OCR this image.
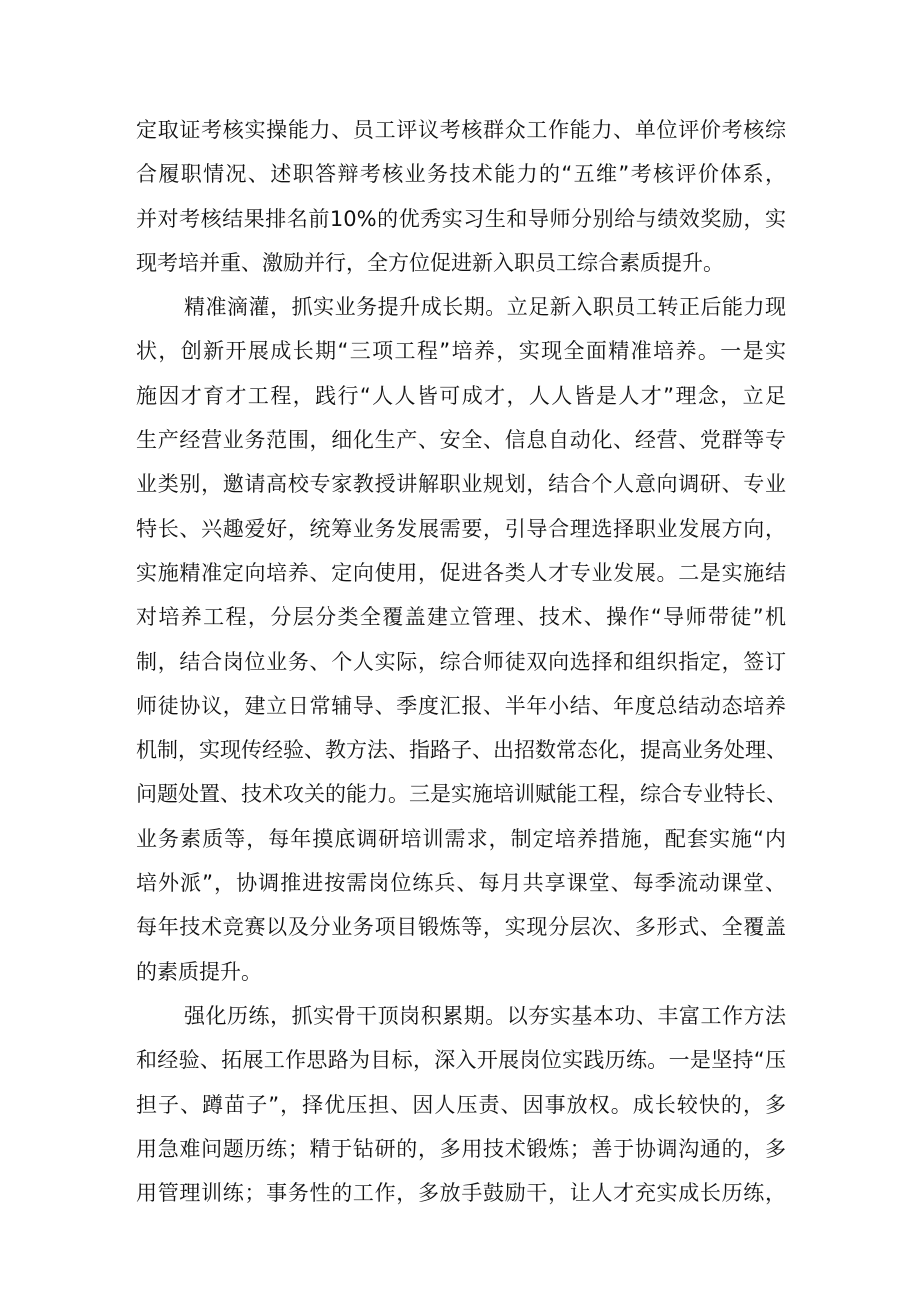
定取证考核实操能力、员工评议考核群众工作能力、单位评价考核综
合履职情况、述职答辩考核业务技术能力的“五维”考核评价体系，
并对考核结果排名前10%的优秀实习生和导师分别给与绩效奖励，实
现考培并重、激励并行，全方位促进新入职员工综合素质提升。
精准滴灌，抓实业务提升成长期。立足新入职员工转正后能力现
状，创新开展成长期“三项工程”培养，实现全面精准培养。一是实
施因才育才工程，践行“人人皆可成才，人人皆是人才”理念，立足
生产经营业务范围，细化生产、安全、信息自动化、经营、党群等专
业类别，邀请高校专家教授讲解职业规划，结合个人意向调研、专业
特长、兴趣爱好，统筹业务发展需要，引导合理选择职业发展方向，
实施精准定向培养、定向使用，促进各类人才专业发展。二是实施结
对培养工程，分层分类全覆盖建立管理、技术、操作“导师带徒”机
制，结合岗位业务、个人实际，综合师徒双向选择和组织指定，签订
师徒协议，建立日常辅导、季度汇报、半年小结、年度总结动态培养
机制，实现传经验、教方法、指路子、出招数常态化，提高业务处理、
问题处置、技术攻关的能力。三是实施培训赋能工程，综合专业特长、
业务素质等，每年摸底调研培训需求，制定培养措施，配套实施“内
培外派”，协调推进按需岗位练兵、每月共享课堂、每季流动课堂、
每年技术竞赛以及分业务项目锻炼等，实现分层次、多形式、全覆盖
的素质提升。
强化历练，抓实骨干顶岗积累期。以夯实基本功、丰富工作方法
和经验、拓展工作思路为目标，深入开展岗位实践历练。一是坚持“压
担子、蹲苗子”，择优压担、因人压责、因事放权。成长较快的，多
用急难问题历练；精于钻研的，多用技术锻炼；善于协调沟通的，多
用管理训练；事务性的工作，多放手鼓励干，让人才充实成长历练，
